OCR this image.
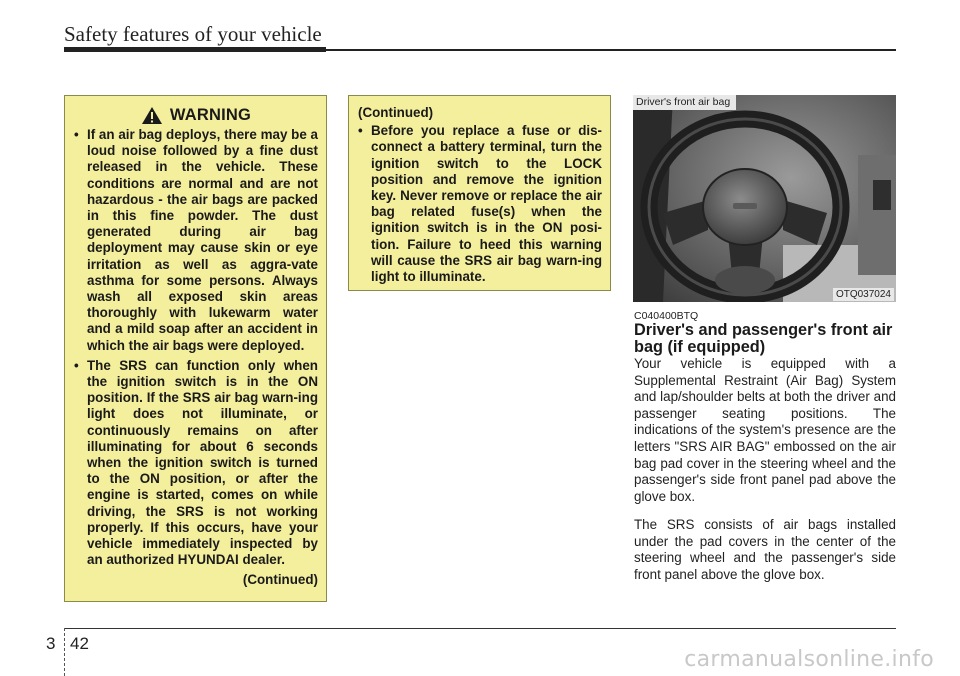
Safety features of your vehicle
WARNING
• If an air bag deploys, there may be a loud noise followed by a fine dust released in the vehicle. These conditions are normal and are not hazardous - the air bags are packed in this fine powder. The dust generated during air bag deployment may cause skin or eye irritation as well as aggra-vate asthma for some persons. Always wash all exposed skin areas thoroughly with lukewarm water and a mild soap after an accident in which the air bags were deployed.
• The SRS can function only when the ignition switch is in the ON position. If the SRS air bag warn-ing light does not illuminate, or continuously remains on after illuminating for about 6 seconds when the ignition switch is turned to the ON position, or after the engine is started, comes on while driving, the SRS is not working properly. If this occurs, have your vehicle immediately inspected by an authorized HYUNDAI dealer.
(Continued)
(Continued)
• Before you replace a fuse or dis-connect a battery terminal, turn the ignition switch to the LOCK position and remove the ignition key. Never remove or replace the air bag related fuse(s) when the ignition switch is in the ON posi-tion. Failure to heed this warning will cause the SRS air bag warn-ing light to illuminate.
Driver's front air bag
OTQ037024
C040400BTQ
Driver's and passenger's front air bag (if equipped)
Your vehicle is equipped with a Supplemental Restraint (Air Bag) System and lap/shoulder belts at both the driver and passenger seating positions. The indications of the system's presence are the letters "SRS AIR BAG" embossed on the air bag pad cover in the steering wheel and the passenger's side front panel pad above the glove box.
The SRS consists of air bags installed under the pad covers in the center of the steering wheel and the passenger's side front panel above the glove box.
3 42
carmanualsonline.info
